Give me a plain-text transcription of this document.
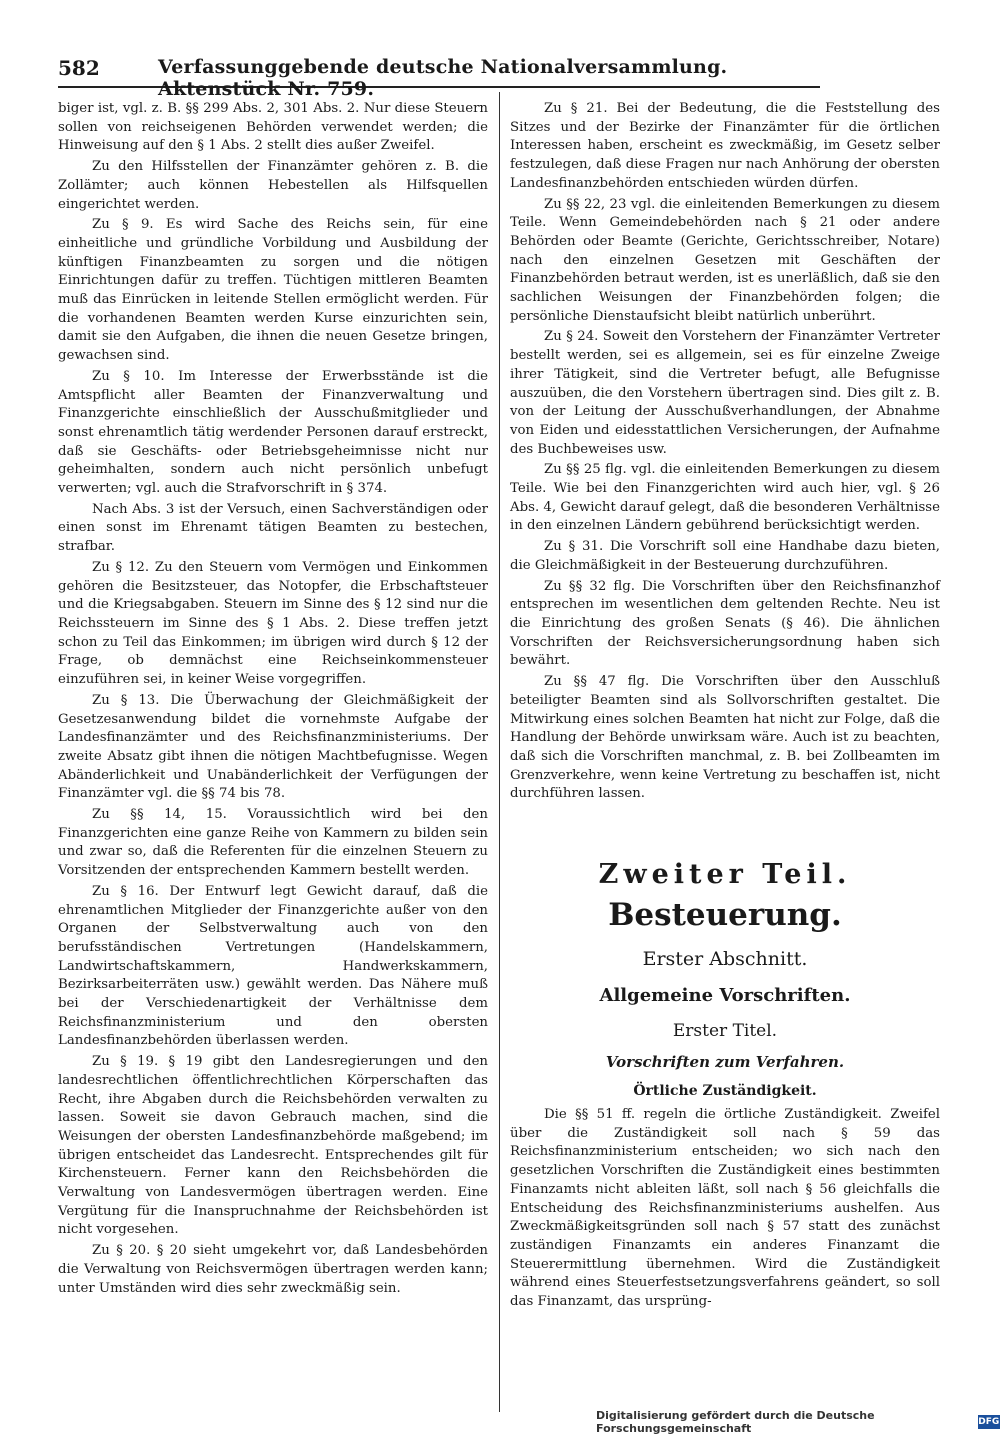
582	Verfassunggebende deutsche Nationalversammlung. Aktenstück Nr. 759.

biger ist, vgl. z. B. §§ 299 Abs. 2, 301 Abs. 2. Nur diese Steuern sollen von reichseigenen Behörden verwendet werden; die Hinweisung auf den § 1 Abs. 2 stellt dies außer Zweifel.

Zu den Hilfsstellen der Finanzämter gehören z. B. die Zollämter; auch können Hebestellen als Hilfsquellen eingerichtet werden.

Zu § 9. Es wird Sache des Reichs sein, für eine einheitliche und gründliche Vorbildung und Ausbildung der künftigen Finanzbeamten zu sorgen und die nötigen Einrichtungen dafür zu treffen. Tüchtigen mittleren Beamten muß das Einrücken in leitende Stellen ermöglicht werden. Für die vorhandenen Beamten werden Kurse einzurichten sein, damit sie den Aufgaben, die ihnen die neuen Gesetze bringen, gewachsen sind.

Zu § 10. Im Interesse der Erwerbsstände ist die Amtspflicht aller Beamten der Finanzverwaltung und Finanzgerichte einschließlich der Ausschußmitglieder und sonst ehrenamtlich tätig werdender Personen darauf erstreckt, daß sie Geschäfts- oder Betriebsgeheimnisse nicht nur geheimhalten, sondern auch nicht persönlich unbefugt verwerten; vgl. auch die Strafvorschrift in § 374.

Nach Abs. 3 ist der Versuch, einen Sachverständigen oder einen sonst im Ehrenamt tätigen Beamten zu bestechen, strafbar.

Zu § 12. Zu den Steuern vom Vermögen und Einkommen gehören die Besitzsteuer, das Notopfer, die Erbschaftsteuer und die Kriegsabgaben. Steuern im Sinne des § 12 sind nur die Reichssteuern im Sinne des § 1 Abs. 2. Diese treffen jetzt schon zu Teil das Einkommen; im übrigen wird durch § 12 der Frage, ob demnächst eine Reichseinkommensteuer einzuführen sei, in keiner Weise vorgegriffen.

Zu § 13. Die Überwachung der Gleichmäßigkeit der Gesetzesanwendung bildet die vornehmste Aufgabe der Landesfinanzämter und des Reichsfinanzministeriums. Der zweite Absatz gibt ihnen die nötigen Machtbefugnisse. Wegen Abänderlichkeit und Unabänderlichkeit der Verfügungen der Finanzämter vgl. die §§ 74 bis 78.

Zu §§ 14, 15. Voraussichtlich wird bei den Finanzgerichten eine ganze Reihe von Kammern zu bilden sein und zwar so, daß die Referenten für die einzelnen Steuern zu Vorsitzenden der entsprechenden Kammern bestellt werden.

Zu § 16. Der Entwurf legt Gewicht darauf, daß die ehrenamtlichen Mitglieder der Finanzgerichte außer von den Organen der Selbstverwaltung auch von den berufsständischen Vertretungen (Handelskammern, Landwirtschaftskammern, Handwerkskammern, Bezirksarbeiterräten usw.) gewählt werden. Das Nähere muß bei der Verschiedenartigkeit der Verhältnisse dem Reichsfinanzministerium und den obersten Landesfinanzbehörden überlassen werden.

Zu § 19. § 19 gibt den Landesregierungen und den landesrechtlichen öffentlichrechtlichen Körperschaften das Recht, ihre Abgaben durch die Reichsbehörden verwalten zu lassen. Soweit sie davon Gebrauch machen, sind die Weisungen der obersten Landesfinanzbehörde maßgebend; im übrigen entscheidet das Landesrecht. Entsprechendes gilt für Kirchensteuern. Ferner kann den Reichsbehörden die Verwaltung von Landesvermögen übertragen werden. Eine Vergütung für die Inanspruchnahme der Reichsbehörden ist nicht vorgesehen.

Zu § 20. § 20 sieht umgekehrt vor, daß Landesbehörden die Verwaltung von Reichsvermögen übertragen werden kann; unter Umständen wird dies sehr zweckmäßig sein.

Zu § 21. Bei der Bedeutung, die die Feststellung des Sitzes und der Bezirke der Finanzämter für die örtlichen Interessen haben, erscheint es zweckmäßig, im Gesetz selber festzulegen, daß diese Fragen nur nach Anhörung der obersten Landesfinanzbehörden entschieden würden dürfen.

Zu §§ 22, 23 vgl. die einleitenden Bemerkungen zu diesem Teile. Wenn Gemeindebehörden nach § 21 oder andere Behörden oder Beamte (Gerichte, Gerichtsschreiber, Notare) nach den einzelnen Gesetzen mit Geschäften der Finanzbehörden betraut werden, ist es unerläßlich, daß sie den sachlichen Weisungen der Finanzbehörden folgen; die persönliche Dienstaufsicht bleibt natürlich unberührt.

Zu § 24. Soweit den Vorstehern der Finanzämter Vertreter bestellt werden, sei es allgemein, sei es für einzelne Zweige ihrer Tätigkeit, sind die Vertreter befugt, alle Befugnisse auszuüben, die den Vorstehern übertragen sind. Dies gilt z. B. von der Leitung der Ausschußverhandlungen, der Abnahme von Eiden und eidesstattlichen Versicherungen, der Aufnahme des Buchbeweises usw.

Zu §§ 25 flg. vgl. die einleitenden Bemerkungen zu diesem Teile. Wie bei den Finanzgerichten wird auch hier, vgl. § 26 Abs. 4, Gewicht darauf gelegt, daß die besonderen Verhältnisse in den einzelnen Ländern gebührend berücksichtigt werden.

Zu § 31. Die Vorschrift soll eine Handhabe dazu bieten, die Gleichmäßigkeit in der Besteuerung durchzuführen.

Zu §§ 32 flg. Die Vorschriften über den Reichsfinanzhof entsprechen im wesentlichen dem geltenden Rechte. Neu ist die Einrichtung des großen Senats (§ 46). Die ähnlichen Vorschriften der Reichsversicherungsordnung haben sich bewährt.

Zu §§ 47 flg. Die Vorschriften über den Ausschluß beteiligter Beamten sind als Sollvorschriften gestaltet. Die Mitwirkung eines solchen Beamten hat nicht zur Folge, daß die Handlung der Behörde unwirksam wäre. Auch ist zu beachten, daß sich die Vorschriften manchmal, z. B. bei Zollbeamten im Grenzverkehre, wenn keine Vertretung zu beschaffen ist, nicht durchführen lassen.

Zweiter Teil.
Besteuerung.
Erster Abschnitt.
Allgemeine Vorschriften.
Erster Titel.
Vorschriften zum Verfahren.
Örtliche Zuständigkeit.

Die §§ 51 ff. regeln die örtliche Zuständigkeit. Zweifel über die Zuständigkeit soll nach § 59 das Reichsfinanzministerium entscheiden; wo sich nach den gesetzlichen Vorschriften die Zuständigkeit eines bestimmten Finanzamts nicht ableiten läßt, soll nach § 56 gleichfalls die Entscheidung des Reichsfinanzministeriums aushelfen. Aus Zweckmäßigkeitsgründen soll nach § 57 statt des zunächst zuständigen Finanzamts ein anderes Finanzamt die Steuerermittlung übernehmen. Wird die Zuständigkeit während eines Steuerfestsetzungsverfahrens geändert, so soll das Finanzamt, das ursprüng-

Digitalisierung gefördert durch die Deutsche Forschungsgemeinschaft	DFG
